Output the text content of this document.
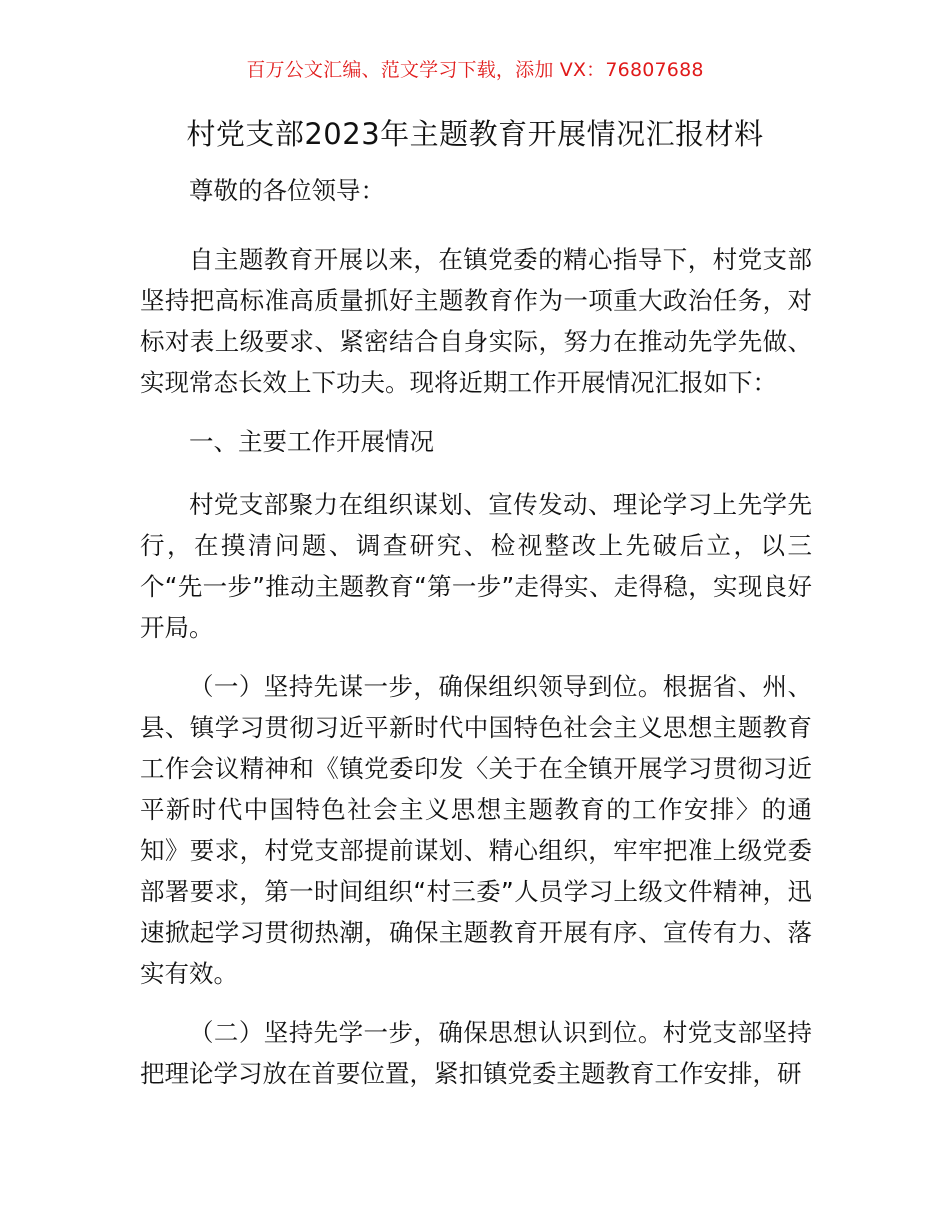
百万公文汇编、范文学习下载，添加 VX：76807688
村党支部2023年主题教育开展情况汇报材料

尊敬的各位领导：

自主题教育开展以来，在镇党委的精心指导下，村党支部坚持把高标准高质量抓好主题教育作为一项重大政治任务，对标对表上级要求、紧密结合自身实际，努力在推动先学先做、实现常态长效上下功夫。现将近期工作开展情况汇报如下：

一、主要工作开展情况

村党支部聚力在组织谋划、宣传发动、理论学习上先学先行，在摸清问题、调查研究、检视整改上先破后立，以三个“先一步”推动主题教育“第一步”走得实、走得稳，实现良好开局。

（一）坚持先谋一步，确保组织领导到位。根据省、州、县、镇学习贯彻习近平新时代中国特色社会主义思想主题教育工作会议精神和《镇党委印发〈关于在全镇开展学习贯彻习近平新时代中国特色社会主义思想主题教育的工作安排〉的通知》要求，村党支部提前谋划、精心组织，牢牢把准上级党委部署要求，第一时间组织“村三委”人员学习上级文件精神，迅速掀起学习贯彻热潮，确保主题教育开展有序、宣传有力、落实有效。

（二）坚持先学一步，确保思想认识到位。村党支部坚持把理论学习放在首要位置，紧扣镇党委主题教育工作安排，研
